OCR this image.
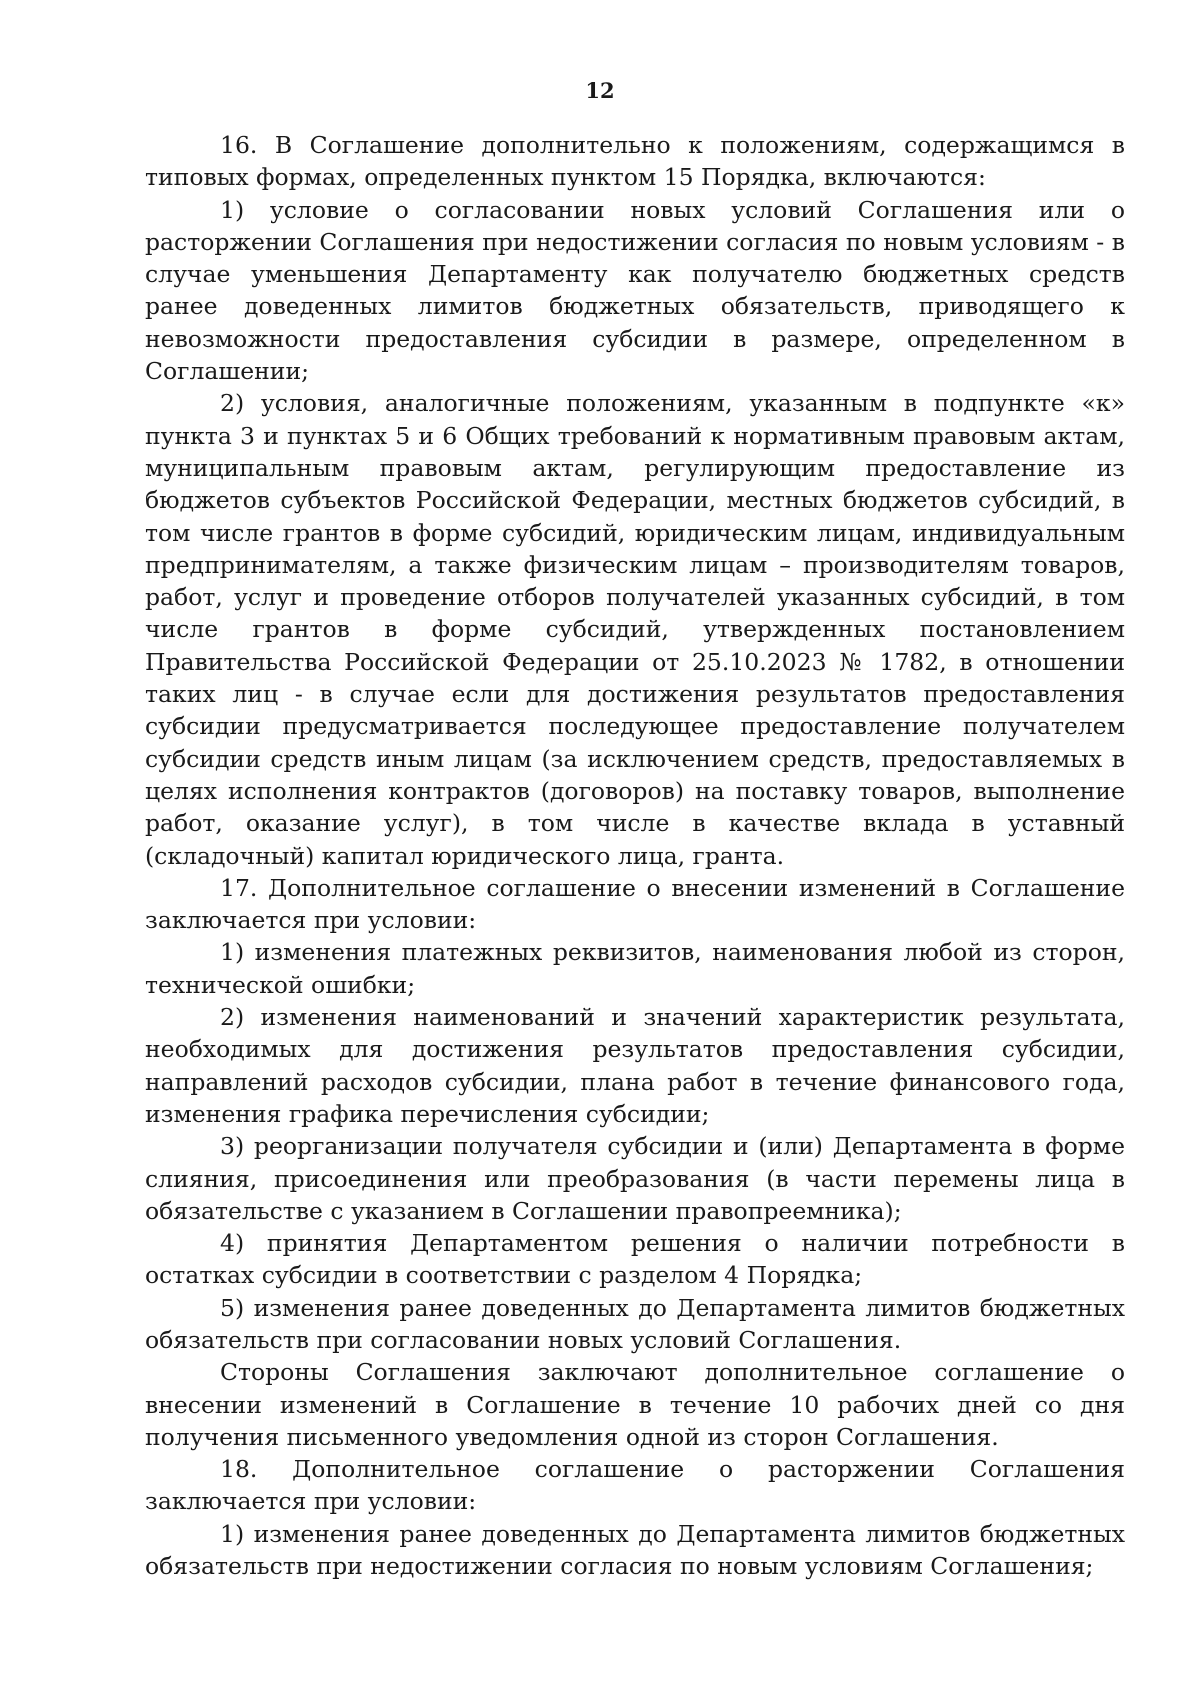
12

16. В Соглашение дополнительно к положениям, содержащимся в типовых формах, определенных пунктом 15 Порядка, включаются:

1) условие о согласовании новых условий Соглашения или о расторжении Соглашения при недостижении согласия по новым условиям - в случае уменьшения Департаменту как получателю бюджетных средств ранее доведенных лимитов бюджетных обязательств, приводящего к невозможности предоставления субсидии в размере, определенном в Соглашении;

2) условия, аналогичные положениям, указанным в подпункте «к» пункта 3 и пунктах 5 и 6 Общих требований к нормативным правовым актам, муниципальным правовым актам, регулирующим предоставление из бюджетов субъектов Российской Федерации, местных бюджетов субсидий, в том числе грантов в форме субсидий, юридическим лицам, индивидуальным предпринимателям, а также физическим лицам – производителям товаров, работ, услуг и проведение отборов получателей указанных субсидий, в том числе грантов в форме субсидий, утвержденных постановлением Правительства Российской Федерации от 25.10.2023 № 1782, в отношении таких лиц - в случае если для достижения результатов предоставления субсидии предусматривается последующее предоставление получателем субсидии средств иным лицам (за исключением средств, предоставляемых в целях исполнения контрактов (договоров) на поставку товаров, выполнение работ, оказание услуг), в том числе в качестве вклада в уставный (складочный) капитал юридического лица, гранта.

17. Дополнительное соглашение о внесении изменений в Соглашение заключается при условии:

1) изменения платежных реквизитов, наименования любой из сторон, технической ошибки;

2) изменения наименований и значений характеристик результата, необходимых для достижения результатов предоставления субсидии, направлений расходов субсидии, плана работ в течение финансового года, изменения графика перечисления субсидии;

3) реорганизации получателя субсидии и (или) Департамента в форме слияния, присоединения или преобразования (в части перемены лица в обязательстве с указанием в Соглашении правопреемника);

4) принятия Департаментом решения о наличии потребности в остатках субсидии в соответствии с разделом 4 Порядка;

5) изменения ранее доведенных до Департамента лимитов бюджетных обязательств при согласовании новых условий Соглашения.

Стороны Соглашения заключают дополнительное соглашение о внесении изменений в Соглашение в течение 10 рабочих дней со дня получения письменного уведомления одной из сторон Соглашения.

18. Дополнительное соглашение о расторжении Соглашения заключается при условии:

1) изменения ранее доведенных до Департамента лимитов бюджетных обязательств при недостижении согласия по новым условиям Соглашения;
